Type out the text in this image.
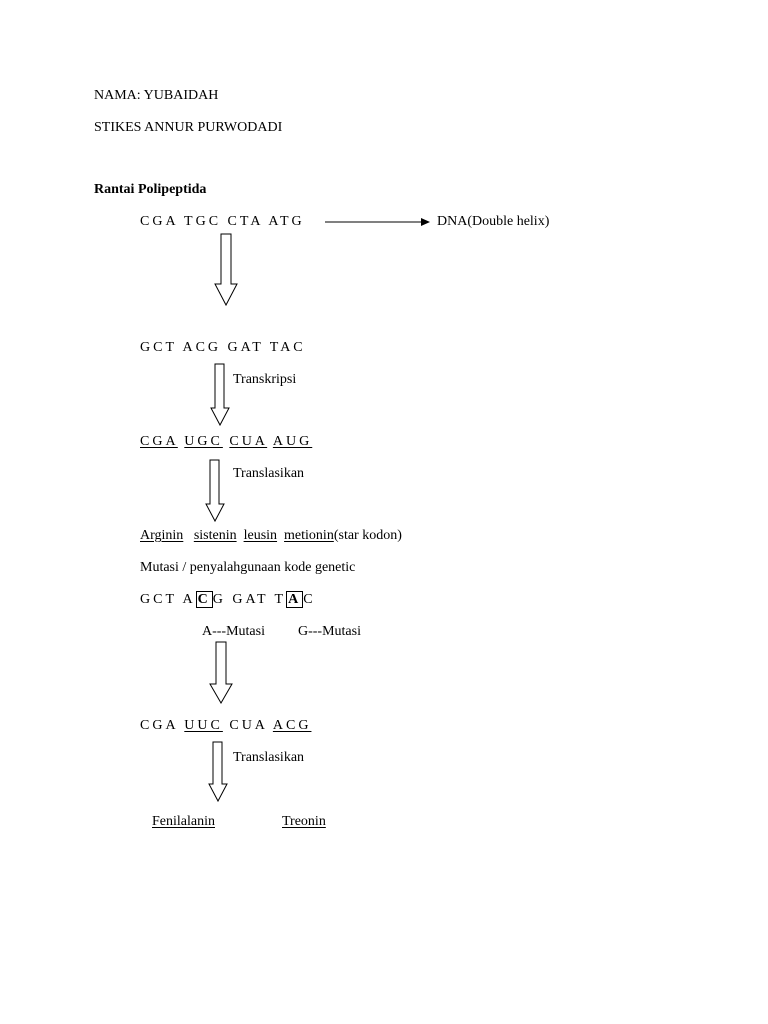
NAMA: YUBAIDAH
STIKES ANNUR PURWODADI
Rantai Polipeptida
CGA TGC CTA ATG	DNA(Double helix)
GCT ACG GAT TAC
Transkripsi
CGA UGC CUA AUG
Translasikan
Arginin sistenin leusin metionin(star kodon)
Mutasi / penyalahgunaan kode genetic
GCT A C G GAT T A C
A---Mutasi G---Mutasi
CGA UUC CUA ACG
Translasikan
Fenilalanin	Treonin
